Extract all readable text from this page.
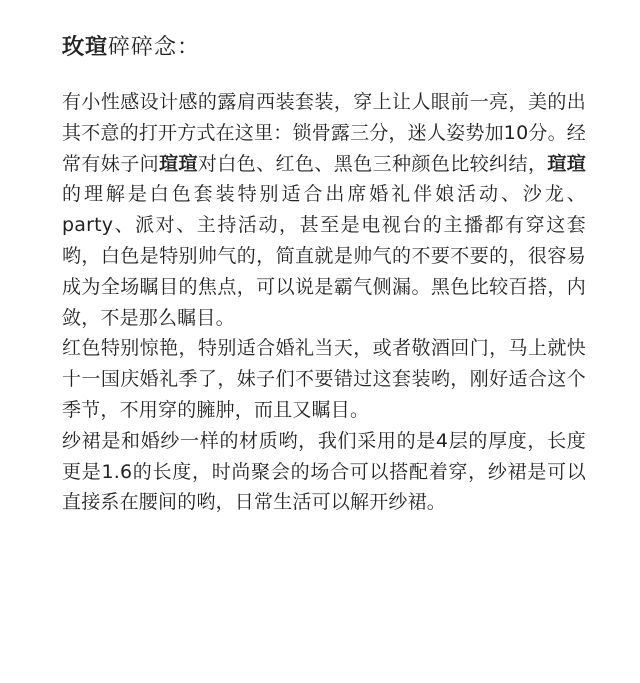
玫瑄碎碎念：

有小性感设计感的露肩西装套装，穿上让人眼前一亮，美的出其不意的打开方式在这里：锁骨露三分，迷人姿势加10分。经常有妹子问瑄瑄对白色、红色、黑色三种颜色比较纠结，瑄瑄的理解是白色套装特别适合出席婚礼伴娘活动、沙龙、party、派对、主持活动，甚至是电视台的主播都有穿这套哟，白色是特别帅气的，简直就是帅气的不要不要的，很容易成为全场瞩目的焦点，可以说是霸气侧漏。黑色比较百搭，内敛，不是那么瞩目。

红色特别惊艳，特别适合婚礼当天，或者敬酒回门，马上就快十一国庆婚礼季了，妹子们不要错过这套装哟，刚好适合这个季节，不用穿的臃肿，而且又瞩目。

纱裙是和婚纱一样的材质哟，我们采用的是4层的厚度，长度更是1.6的长度，时尚聚会的场合可以搭配着穿，纱裙是可以直接系在腰间的哟，日常生活可以解开纱裙。
